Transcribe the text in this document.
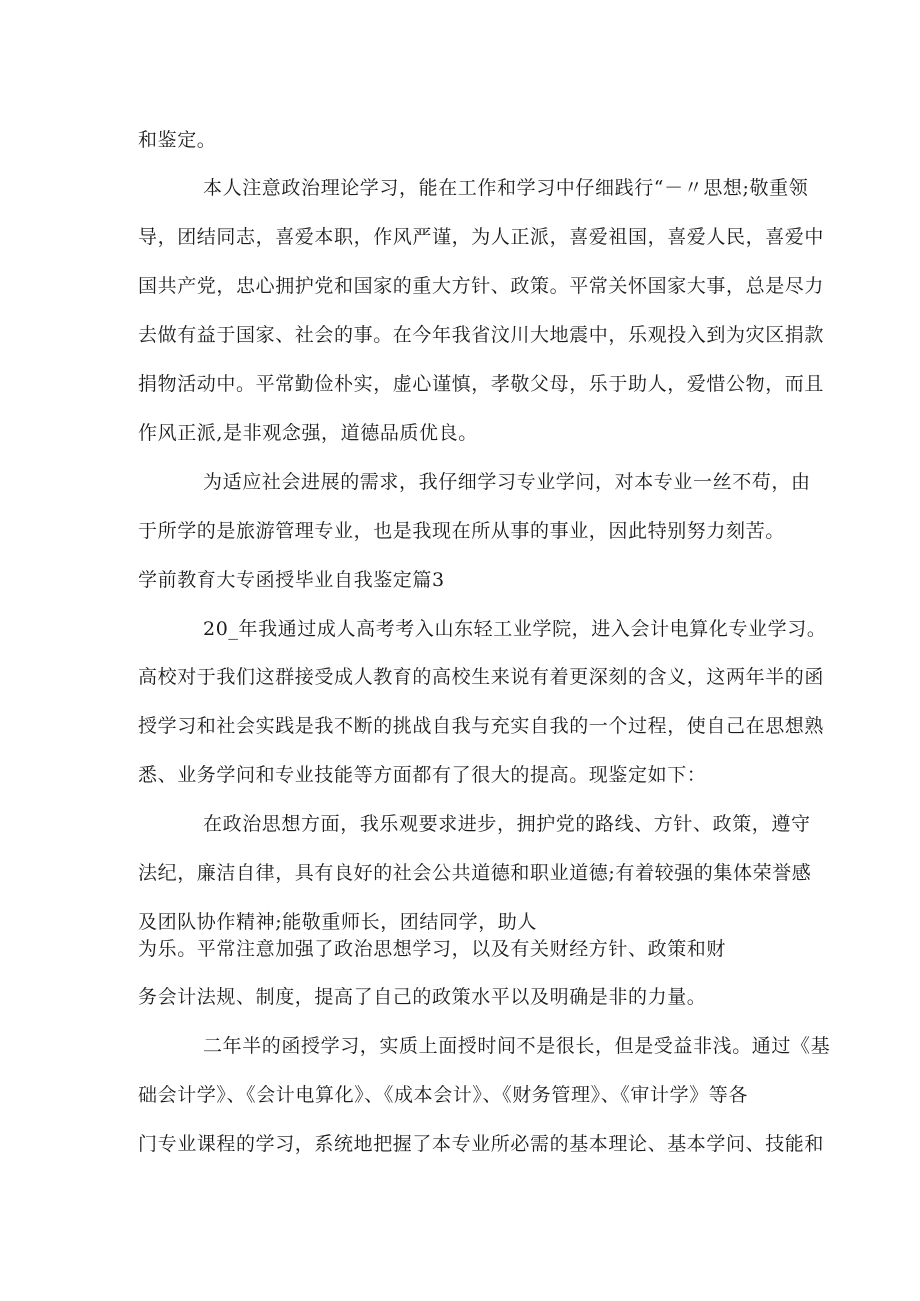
和鉴定。
本人注意政治理论学习，能在工作和学习中仔细践行“－〃思想;敬重领
导，团结同志，喜爱本职，作风严谨，为人正派，喜爱祖国，喜爱人民，喜爱中
国共产党，忠心拥护党和国家的重大方针、政策。平常关怀国家大事，总是尽力
去做有益于国家、社会的事。在今年我省汶川大地震中，乐观投入到为灾区捐款
捐物活动中。平常勤俭朴实，虚心谨慎，孝敬父母，乐于助人，爱惜公物，而且
作风正派,是非观念强，道德品质优良。
为适应社会进展的需求，我仔细学习专业学问，对本专业一丝不苟，由
于所学的是旅游管理专业，也是我现在所从事的事业，因此特别努力刻苦。
学前教育大专函授毕业自我鉴定篇3
20_年我通过成人高考考入山东轻工业学院，进入会计电算化专业学习。
高校对于我们这群接受成人教育的高校生来说有着更深刻的含义，这两年半的函
授学习和社会实践是我不断的挑战自我与充实自我的一个过程，使自己在思想熟
悉、业务学问和专业技能等方面都有了很大的提高。现鉴定如下：
在政治思想方面，我乐观要求进步，拥护党的路线、方针、政策，遵守
法纪，廉洁自律，具有良好的社会公共道德和职业道德;有着较强的集体荣誉感
及团队协作精神;能敬重师长，团结同学，助人
为乐。平常注意加强了政治思想学习，以及有关财经方针、政策和财
务会计法规、制度，提高了自己的政策水平以及明确是非的力量。
二年半的函授学习，实质上面授时间不是很长，但是受益非浅。通过《基
础会计学》、《会计电算化》、《成本会计》、《财务管理》、《审计学》等各
门专业课程的学习，系统地把握了本专业所必需的基本理论、基本学问、技能和
